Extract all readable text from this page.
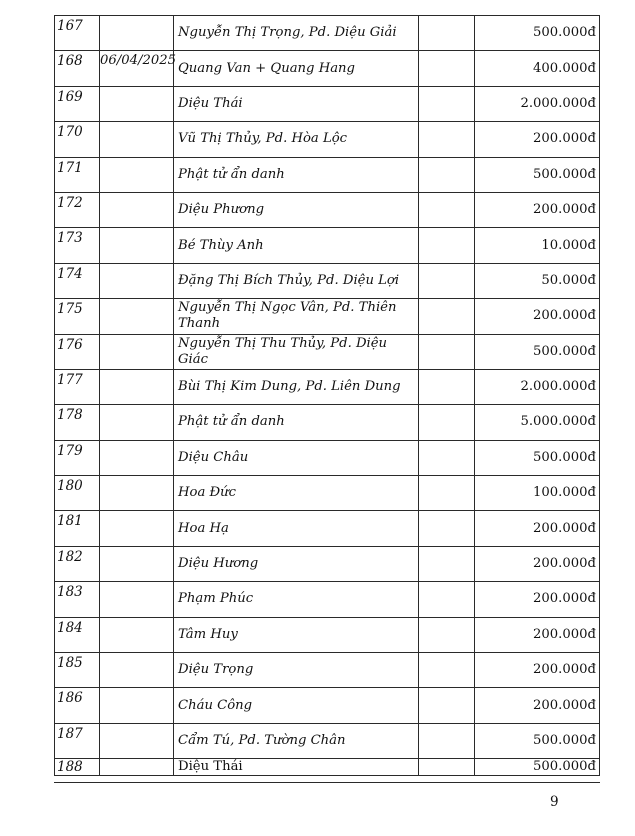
167		Nguyễn Thị Trọng, Pd. Diệu Giải		500.000đ
168	06/04/2025	Quang Van + Quang Hang		400.000đ
169		Diệu Thái		2.000.000đ
170		Vũ Thị Thủy, Pd. Hòa Lộc		200.000đ
171		Phật tử ẩn danh		500.000đ
172		Diệu Phương		200.000đ
173		Bé Thùy Anh		10.000đ
174		Đặng Thị Bích Thủy, Pd. Diệu Lợi		50.000đ
175		Nguyễn Thị Ngọc Vân, Pd. Thiên Thanh		200.000đ
176		Nguyễn Thị Thu Thủy, Pd. Diệu Giác		500.000đ
177		Bùi Thị Kim Dung, Pd. Liên Dung		2.000.000đ
178		Phật tử ẩn danh		5.000.000đ
179		Diệu Châu		500.000đ
180		Hoa Đức		100.000đ
181		Hoa Hạ		200.000đ
182		Diệu Hương		200.000đ
183		Phạm Phúc		200.000đ
184		Tâm Huy		200.000đ
185		Diệu Trọng		200.000đ
186		Cháu Công		200.000đ
187		Cẩm Tú, Pd. Tường Chân		500.000đ
188		Diệu Thái		500.000đ
9
